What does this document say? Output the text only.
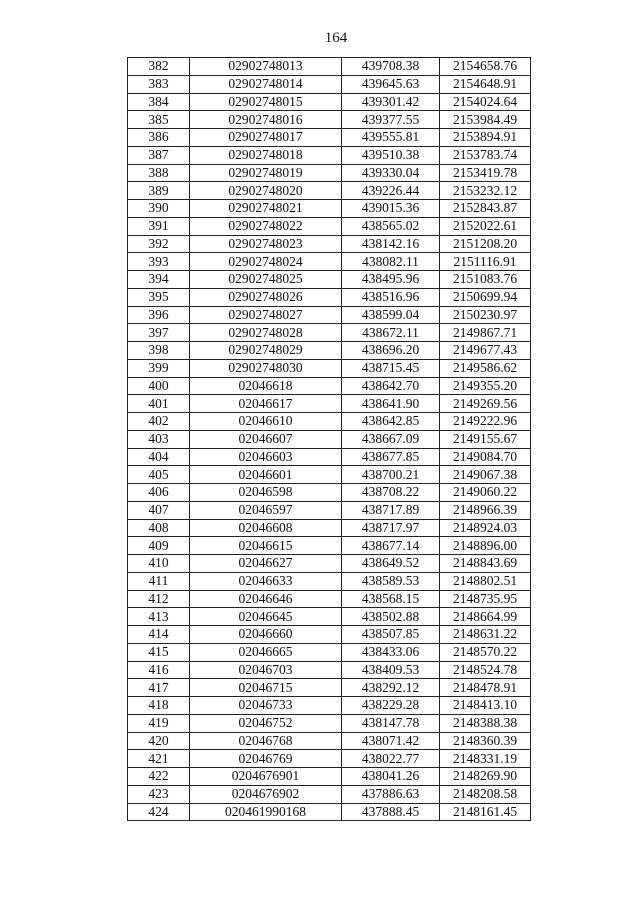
164
382	02902748013	439708.38	2154658.76
383	02902748014	439645.63	2154648.91
384	02902748015	439301.42	2154024.64
385	02902748016	439377.55	2153984.49
386	02902748017	439555.81	2153894.91
387	02902748018	439510.38	2153783.74
388	02902748019	439330.04	2153419.78
389	02902748020	439226.44	2153232.12
390	02902748021	439015.36	2152843.87
391	02902748022	438565.02	2152022.61
392	02902748023	438142.16	2151208.20
393	02902748024	438082.11	2151116.91
394	02902748025	438495.96	2151083.76
395	02902748026	438516.96	2150699.94
396	02902748027	438599.04	2150230.97
397	02902748028	438672.11	2149867.71
398	02902748029	438696.20	2149677.43
399	02902748030	438715.45	2149586.62
400	02046618	438642.70	2149355.20
401	02046617	438641.90	2149269.56
402	02046610	438642.85	2149222.96
403	02046607	438667.09	2149155.67
404	02046603	438677.85	2149084.70
405	02046601	438700.21	2149067.38
406	02046598	438708.22	2149060.22
407	02046597	438717.89	2148966.39
408	02046608	438717.97	2148924.03
409	02046615	438677.14	2148896.00
410	02046627	438649.52	2148843.69
411	02046633	438589.53	2148802.51
412	02046646	438568.15	2148735.95
413	02046645	438502.88	2148664.99
414	02046660	438507.85	2148631.22
415	02046665	438433.06	2148570.22
416	02046703	438409.53	2148524.78
417	02046715	438292.12	2148478.91
418	02046733	438229.28	2148413.10
419	02046752	438147.78	2148388.38
420	02046768	438071.42	2148360.39
421	02046769	438022.77	2148331.19
422	0204676901	438041.26	2148269.90
423	0204676902	437886.63	2148208.58
424	020461990168	437888.45	2148161.45
